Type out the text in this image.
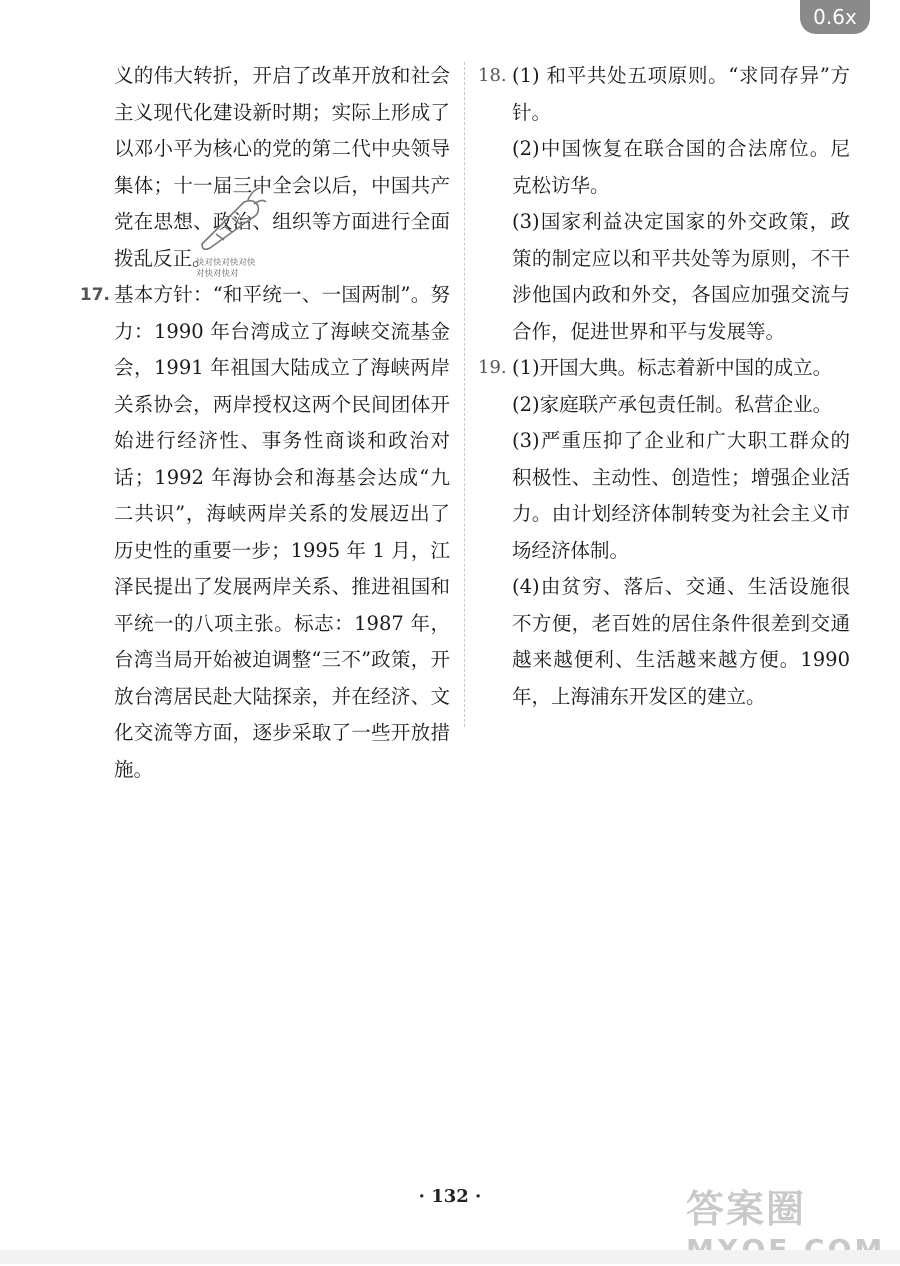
0.6x
义的伟大转折，开启了改革开放和社会主义现代化建设新时期；实际上形成了以邓小平为核心的党的第二代中央领导集体；十一届三中全会以后，中国共产党在思想、政治、组织等方面进行全面拨乱反正。
17. 基本方针：“和平统一、一国两制”。努力：1990 年台湾成立了海峡交流基金会，1991 年祖国大陆成立了海峡两岸关系协会，两岸授权这两个民间团体开始进行经济性、事务性商谈和政治对话；1992 年海协会和海基会达成“九二共识”，海峡两岸关系的发展迈出了历史性的重要一步；1995 年 1 月，江泽民提出了发展两岸关系、推进祖国和平统一的八项主张。标志：1987 年，台湾当局开始被迫调整“三不”政策，开放台湾居民赴大陆探亲，并在经济、文化交流等方面，逐步采取了一些开放措施。
18. (1) 和平共处五项原则。“求同存异”方针。
(2)中国恢复在联合国的合法席位。尼克松访华。
(3)国家利益决定国家的外交政策，政策的制定应以和平共处等为原则，不干涉他国内政和外交，各国应加强交流与合作，促进世界和平与发展等。
19. (1)开国大典。标志着新中国的成立。
(2)家庭联产承包责任制。私营企业。
(3)严重压抑了企业和广大职工群众的积极性、主动性、创造性；增强企业活力。由计划经济体制转变为社会主义市场经济体制。
(4)由贫穷、落后、交通、生活设施很不方便，老百姓的居住条件很差到交通越来越便利、生活越来越方便。1990 年，上海浦东开发区的建立。
快对快对快对快对快对快对
· 132 ·	答案圈
